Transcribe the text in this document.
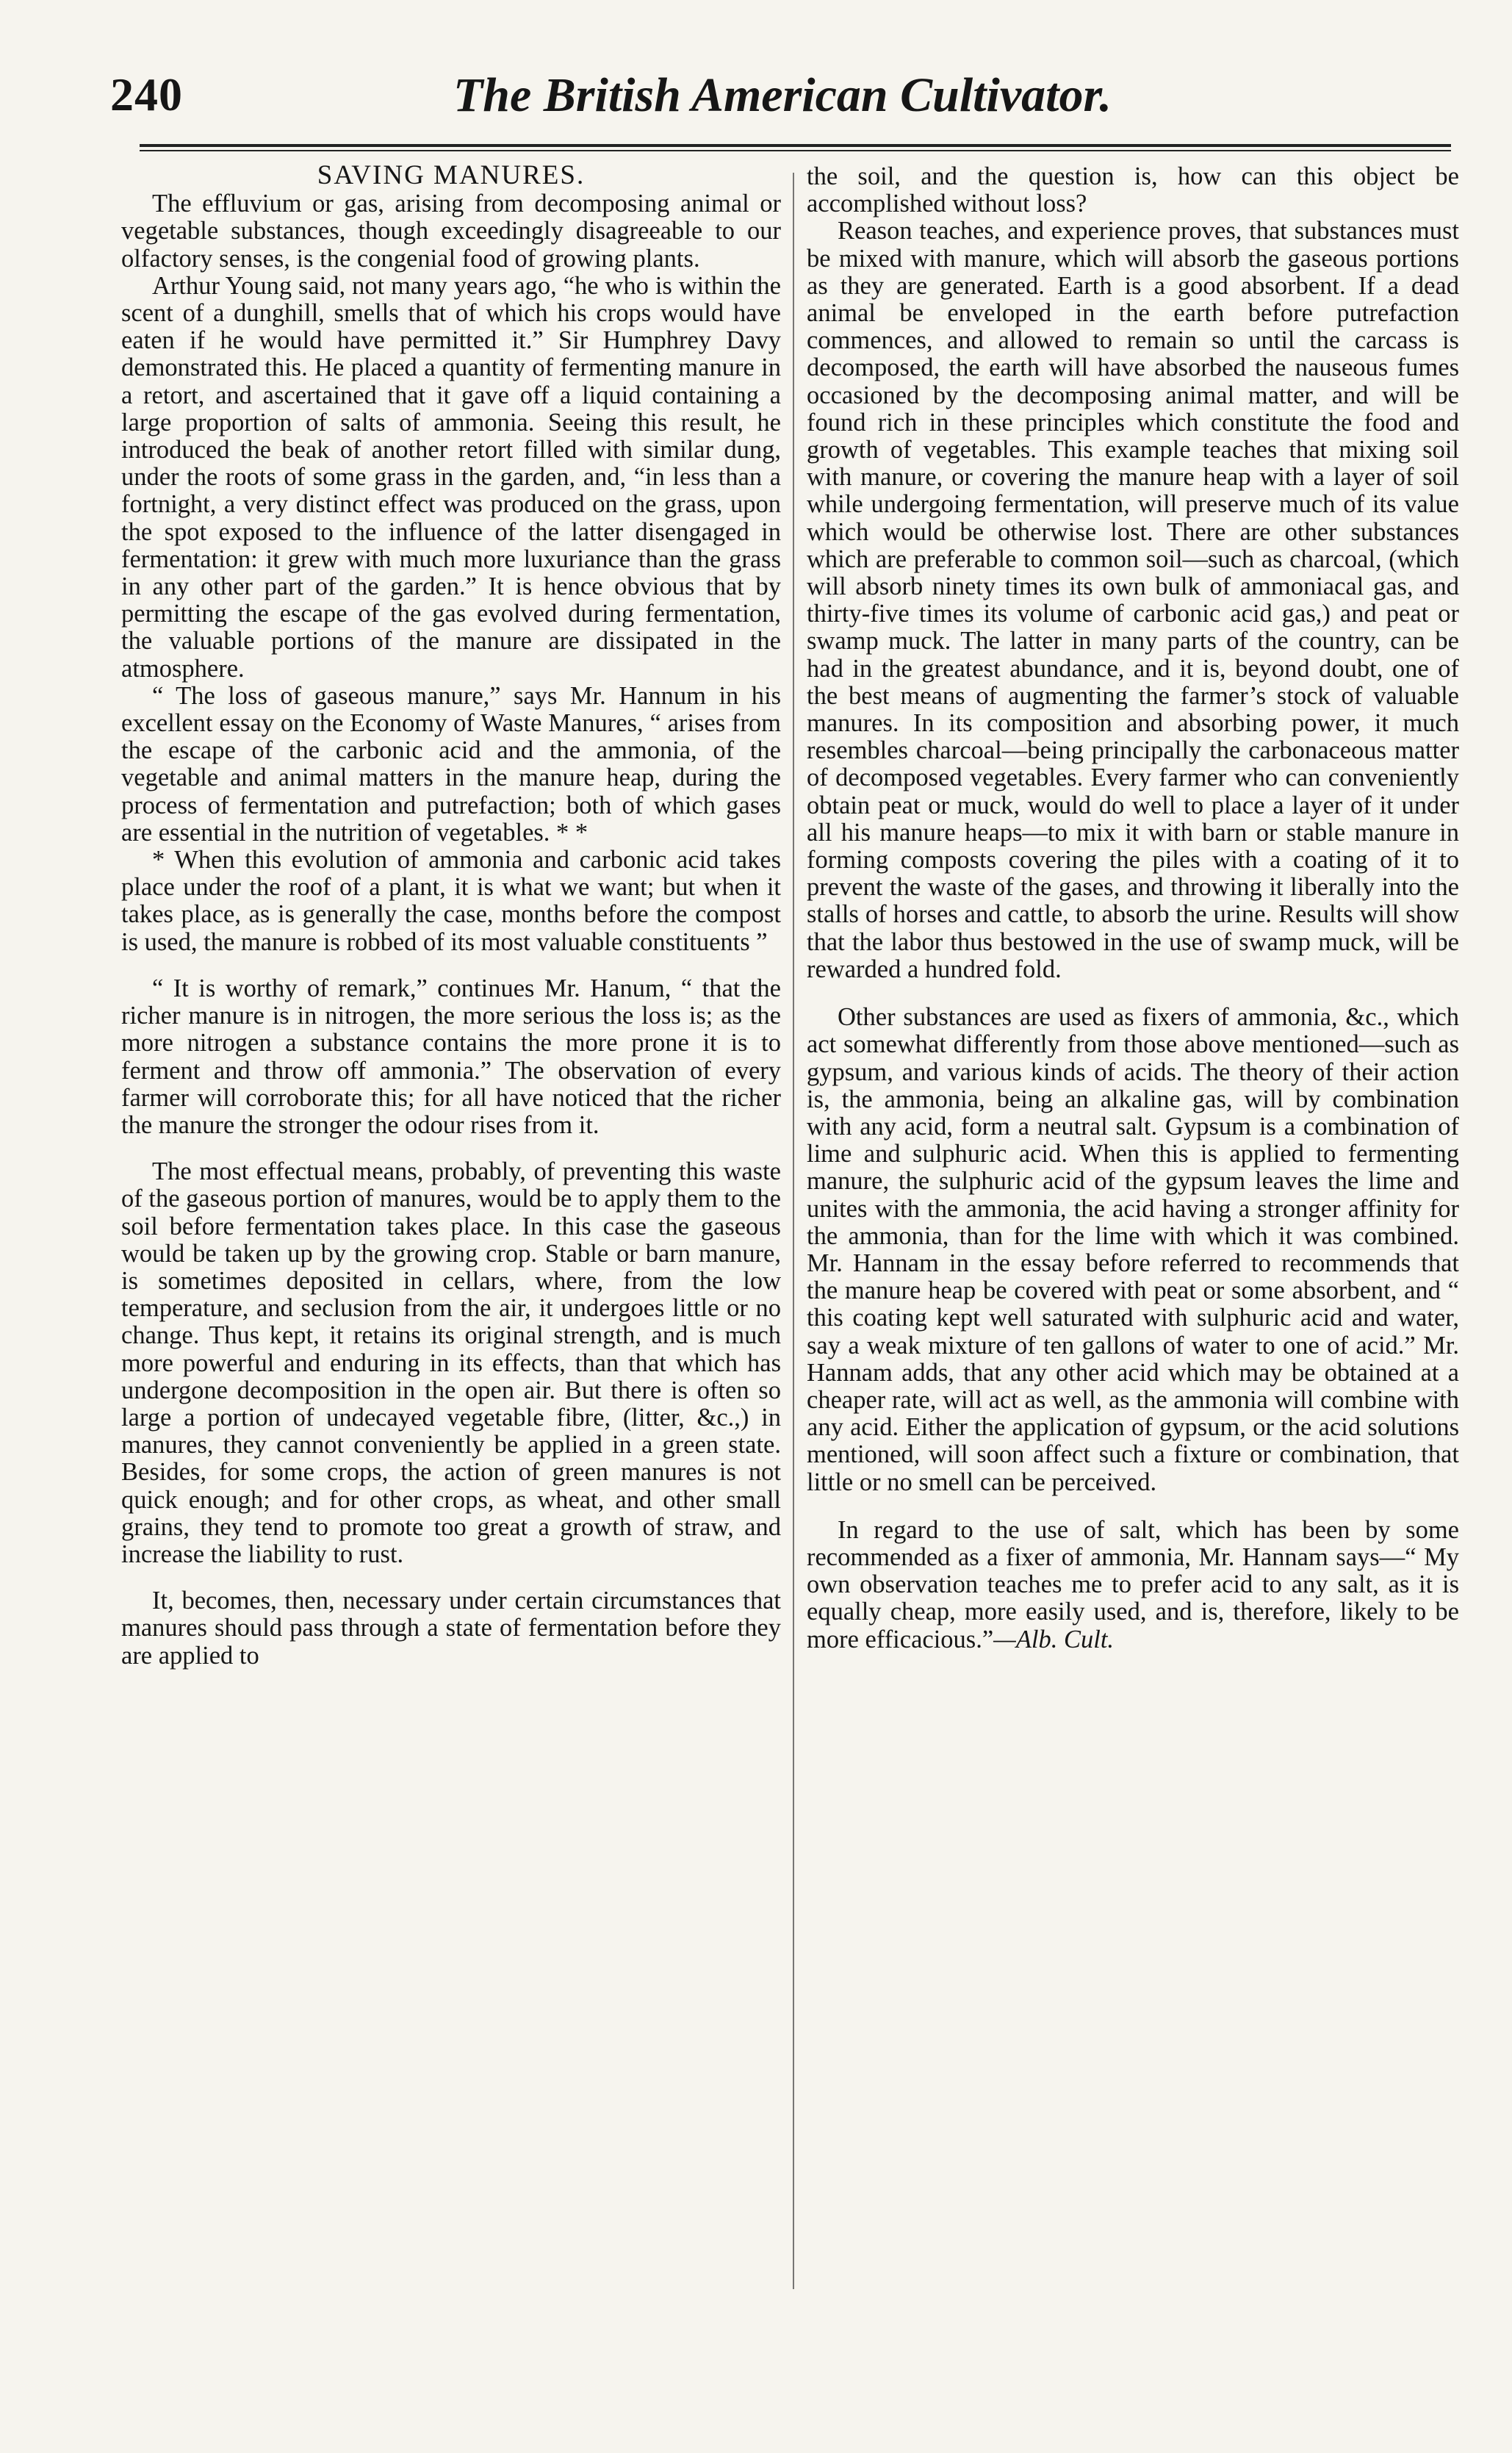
The British American Cultivator.
240
SAVING MANURES.

The effluvium or gas, arising from decomposing animal or vegetable substances, though exceedingly disagreeable to our olfactory senses, is the congenial food of growing plants.

Arthur Young said, not many years ago, “he who is within the scent of a dunghill, smells that of which his crops would have eaten if he would have permitted it.” Sir Humphrey Davy demonstrated this. He placed a quantity of fermenting manure in a retort, and ascertained that it gave off a liquid containing a large proportion of salts of ammonia. Seeing this result, he introduced the beak of another retort filled with similar dung, under the roots of some grass in the garden, and, “in less than a fortnight, a very distinct effect was produced on the grass, upon the spot exposed to the influence of the latter disengaged in fermentation: it grew with much more luxuriance than the grass in any other part of the garden.” It is hence obvious that by permitting the escape of the gas evolved during fermentation, the valuable portions of the manure are dissipated in the atmosphere.

“ The loss of gaseous manure,” says Mr. Hannum in his excellent essay on the Economy of Waste Manures, “ arises from the escape of the carbonic acid and the ammonia, of the vegetable and animal matters in the manure heap, during the process of fermentation and putrefaction; both of which gases are essential in the nutrition of vegetables. * *

* When this evolution of ammonia and carbonic acid takes place under the roof of a plant, it is what we want; but when it takes place, as is generally the case, months before the compost is used, the manure is robbed of its most valuable constituents ”

“ It is worthy of remark,” continues Mr. Hanum, “ that the richer manure is in nitrogen, the more serious the loss is; as the more nitrogen a substance contains the more prone it is to ferment and throw off ammonia.” The observation of every farmer will corroborate this; for all have noticed that the richer the manure the stronger the odour rises from it.

The most effectual means, probably, of preventing this waste of the gaseous portion of manures, would be to apply them to the soil before fermentation takes place. In this case the gaseous would be taken up by the growing crop. Stable or barn manure, is sometimes deposited in cellars, where, from the low temperature, and seclusion from the air, it undergoes little or no change. Thus kept, it retains its original strength, and is much more powerful and enduring in its effects, than that which has undergone decomposition in the open air. But there is often so large a portion of undecayed vegetable fibre, (litter, &c.,) in manures, they cannot conveniently be applied in a green state. Besides, for some crops, the action of green manures is not quick enough; and for other crops, as wheat, and other small grains, they tend to promote too great a growth of straw, and increase the liability to rust.

It, becomes, then, necessary under certain circumstances that manures should pass through a state of fermentation before they are applied to

the soil, and the question is, how can this object be accomplished without loss?

Reason teaches, and experience proves, that substances must be mixed with manure, which will absorb the gaseous portions as they are generated. Earth is a good absorbent. If a dead animal be enveloped in the earth before putrefaction commences, and allowed to remain so until the carcass is decomposed, the earth will have absorbed the nauseous fumes occasioned by the decomposing animal matter, and will be found rich in these principles which constitute the food and growth of vegetables. This example teaches that mixing soil with manure, or covering the manure heap with a layer of soil while undergoing fermentation, will preserve much of its value which would be otherwise lost. There are other substances which are preferable to common soil—such as charcoal, (which will absorb ninety times its own bulk of ammoniacal gas, and thirty-five times its volume of carbonic acid gas,) and peat or swamp muck. The latter in many parts of the country, can be had in the greatest abundance, and it is, beyond doubt, one of the best means of augmenting the farmer’s stock of valuable manures. In its composition and absorbing power, it much resembles charcoal—being principally the carbonaceous matter of decomposed vegetables. Every farmer who can conveniently obtain peat or muck, would do well to place a layer of it under all his manure heaps—to mix it with barn or stable manure in forming composts covering the piles with a coating of it to prevent the waste of the gases, and throwing it liberally into the stalls of horses and cattle, to absorb the urine. Results will show that the labor thus bestowed in the use of swamp muck, will be rewarded a hundred fold.

Other substances are used as fixers of ammonia, &c., which act somewhat differently from those above mentioned—such as gypsum, and various kinds of acids. The theory of their action is, the ammonia, being an alkaline gas, will by combination with any acid, form a neutral salt. Gypsum is a combination of lime and sulphuric acid. When this is applied to fermenting manure, the sulphuric acid of the gypsum leaves the lime and unites with the ammonia, the acid having a stronger affinity for the ammonia, than for the lime with which it was combined. Mr. Hannam in the essay before referred to recommends that the manure heap be covered with peat or some absorbent, and “ this coating kept well saturated with sulphuric acid and water, say a weak mixture of ten gallons of water to one of acid.” Mr. Hannam adds, that any other acid which may be obtained at a cheaper rate, will act as well, as the ammonia will combine with any acid. Either the application of gypsum, or the acid solutions mentioned, will soon affect such a fixture or combination, that little or no smell can be perceived.

In regard to the use of salt, which has been by some recommended as a fixer of ammonia, Mr. Hannam says—“ My own observation teaches me to prefer acid to any salt, as it is equally cheap, more easily used, and is, therefore, likely to be more efficacious.”—Alb. Cult.
